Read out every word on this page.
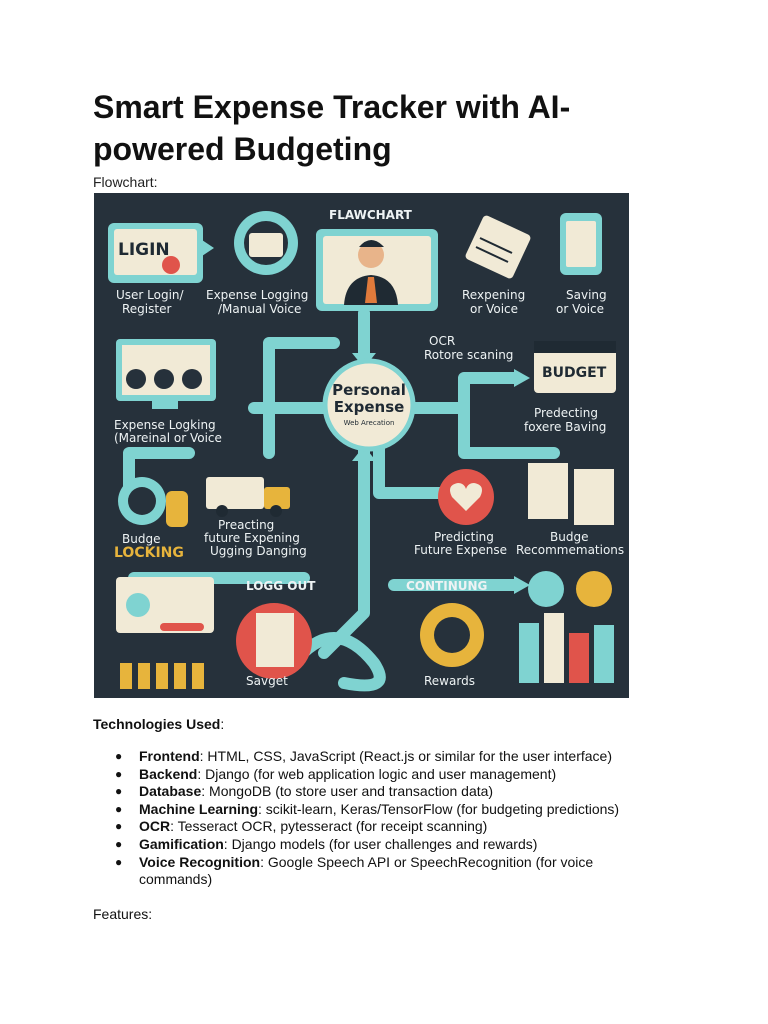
Smart Expense Tracker with AI-powered Budgeting
Flowchart:
FLAWCHART
LIGIN
User Login/
Register
Expense Logging
/Manual Voice
Rexpening
or Voice
Saving
or Voice
Expense Logking
(Mareinal or Voice
OCR
Rotore scaning
Personal
Expense
Web Arecation
BUDGET
Predecting
foxere Baving
Budge
LOCKING
Preacting
future Expening
Ugging Danging
Predicting
Future Expense
Budge
Recommemations
LOGG OUT	CONTINUNG
Savget	Rewards
Technologies Used:
● Frontend: HTML, CSS, JavaScript (React.js or similar for the user interface)
● Backend: Django (for web application logic and user management)
● Database: MongoDB (to store user and transaction data)
● Machine Learning: scikit-learn, Keras/TensorFlow (for budgeting predictions)
● OCR: Tesseract OCR, pytesseract (for receipt scanning)
● Gamification: Django models (for user challenges and rewards)
● Voice Recognition: Google Speech API or SpeechRecognition (for voice commands)
Features:
